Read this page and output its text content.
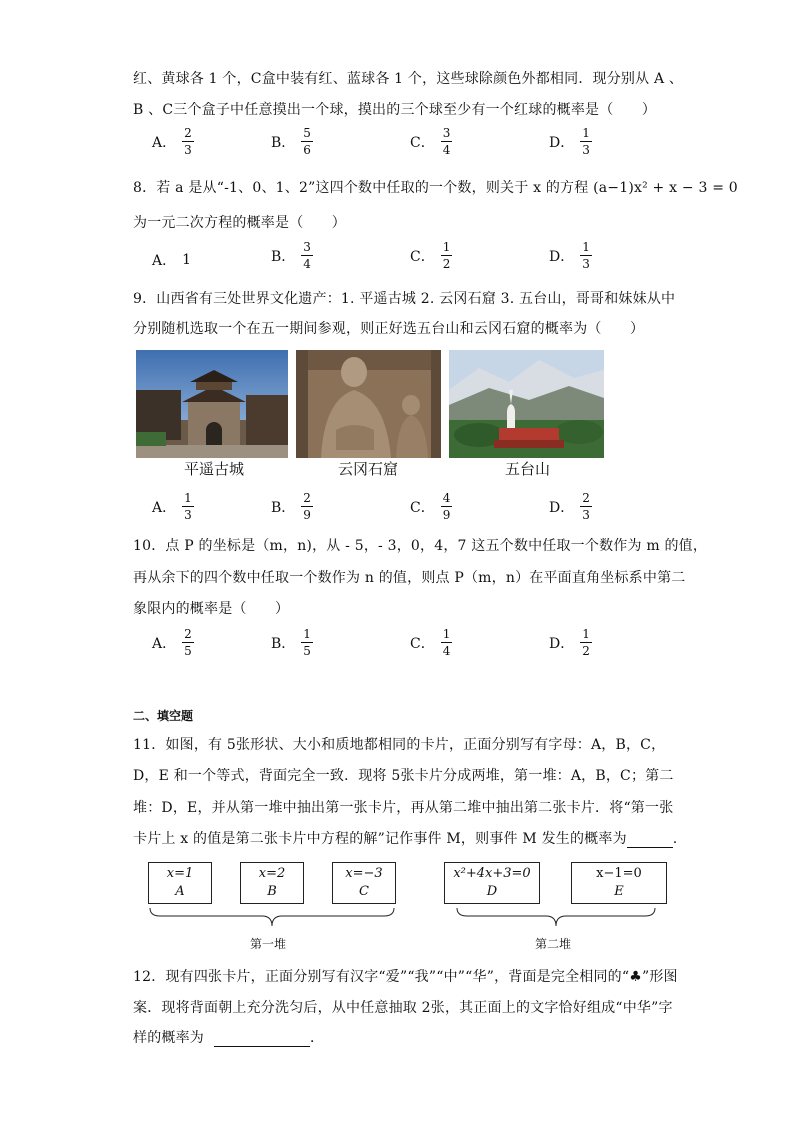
红、黄球各 1 个，C盒中装有红、蓝球各 1 个，这些球除颜色外都相同．现分别从 A 、
B 、C三个盒子中任意摸出一个球，摸出的三个球至少有一个红球的概率是（　　）
A． $\frac{2}{3}$	B． $\frac{5}{6}$	C． $\frac{3}{4}$	D． $\frac{1}{3}$
8．若 a 是从“-1、0、1、2”这四个数中任取的一个数，则关于 x 的方程 (a−1)x² + x − 3 = 0
为一元二次方程的概率是（　　）
A． 1	B． $\frac{3}{4}$	C． $\frac{1}{2}$	D． $\frac{1}{3}$
9．山西省有三处世界文化遗产：1. 平遥古城 2. 云冈石窟 3. 五台山，哥哥和妹妹从中
分别随机选取一个在五一期间参观，则正好选五台山和云冈石窟的概率为（　　）
平遥古城	云冈石窟	五台山
A． $\frac{1}{3}$	B． $\frac{2}{9}$	C． $\frac{4}{9}$	D． $\frac{2}{3}$
10．点 P 的坐标是（m，n)，从 - 5，- 3，0，4，7 这五个数中任取一个数作为 m 的值，
再从余下的四个数中任取一个数作为 n 的值，则点 P（m，n）在平面直角坐标系中第二
象限内的概率是（　　）
A． $\frac{2}{5}$	B． $\frac{1}{5}$	C． $\frac{1}{4}$	D． $\frac{1}{2}$
二、填空题
11．如图，有 5张形状、大小和质地都相同的卡片，正面分别写有字母：A，B，C，
D，E 和一个等式，背面完全一致．现将 5张卡片分成两堆，第一堆：A，B，C；第二
堆：D，E，并从第一堆中抽出第一张卡片，再从第二堆中抽出第二张卡片．将“第一张
卡片上 x 的值是第二张卡片中方程的解”记作事件 M，则事件 M 发生的概率为	.
x=1
A
x=2
B
x=−3
C
x²+4x+3=0
D
x−1=0
E
第一堆	第二堆
12．现有四张卡片，正面分别写有汉字“爱”“我”“中”“华”，背面是完全相同的“♣”形图
案．现将背面朝上充分洗匀后，从中任意抽取 2张，其正面上的文字恰好组成“中华”字
样的概率为	．
